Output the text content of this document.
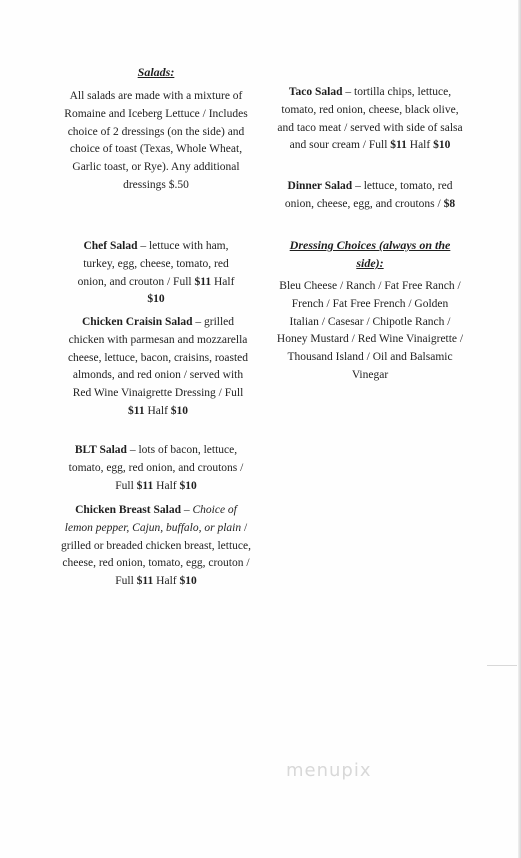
Salads:
All salads are made with a mixture of Romaine and Iceberg Lettuce / Includes choice of 2 dressings (on the side) and choice of toast (Texas, Whole Wheat, Garlic toast, or Rye). Any additional dressings $.50
Chef Salad – lettuce with ham, turkey, egg, cheese, tomato, red onion, and crouton / Full $11 Half $10
Chicken Craisin Salad – grilled chicken with parmesan and mozzarella cheese, lettuce, bacon, craisins, roasted almonds, and red onion / served with Red Wine Vinaigrette Dressing / Full $11 Half $10
BLT Salad – lots of bacon, lettuce, tomato, egg, red onion, and croutons / Full $11 Half $10
Chicken Breast Salad – Choice of lemon pepper, Cajun, buffalo, or plain / grilled or breaded chicken breast, lettuce, cheese, red onion, tomato, egg, crouton / Full $11 Half $10
Taco Salad – tortilla chips, lettuce, tomato, red onion, cheese, black olive, and taco meat / served with side of salsa and sour cream / Full $11 Half $10
Dinner Salad – lettuce, tomato, red onion, cheese, egg, and croutons / $8
Dressing Choices (always on the side):
Bleu Cheese / Ranch / Fat Free Ranch / French / Fat Free French / Golden Italian / Casesar / Chipotle Ranch / Honey Mustard / Red Wine Vinaigrette / Thousand Island / Oil and Balsamic Vinegar
menupix
